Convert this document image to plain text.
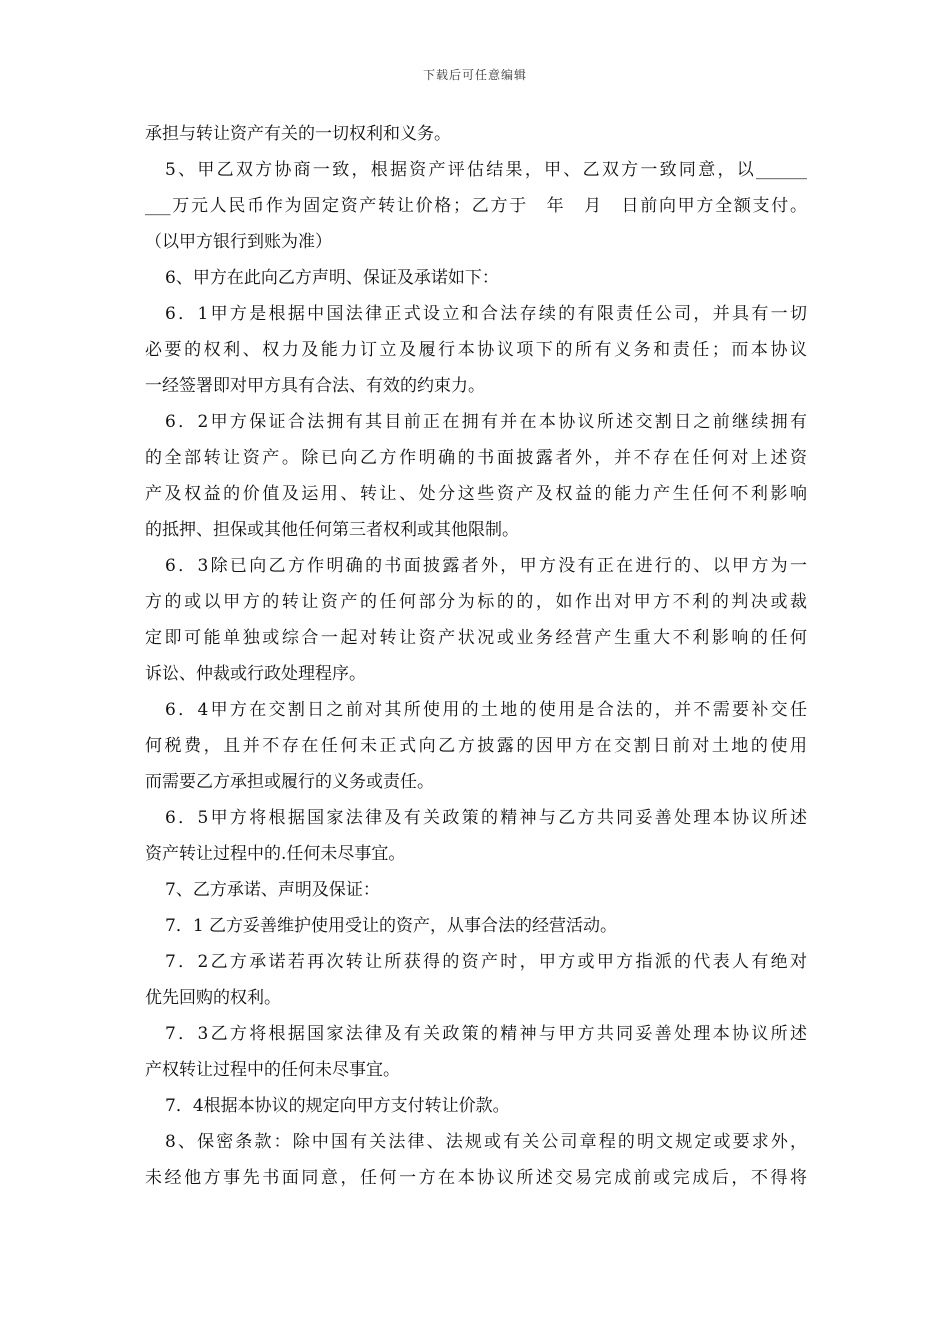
下载后可任意编辑
承担与转让资产有关的一切权利和义务。
5、甲乙双方协商一致，根据资产评估结果，甲、乙双方一致同意，以______
___万元人民币作为固定资产转让价格；乙方于　年　月　日前向甲方全额支付。
（以甲方银行到账为准）
6、甲方在此向乙方声明、保证及承诺如下：
6．1甲方是根据中国法律正式设立和合法存续的有限责任公司，并具有一切
必要的权利、权力及能力订立及履行本协议项下的所有义务和责任；而本协议
一经签署即对甲方具有合法、有效的约束力。
6．2甲方保证合法拥有其目前正在拥有并在本协议所述交割日之前继续拥有
的全部转让资产。除已向乙方作明确的书面披露者外，并不存在任何对上述资
产及权益的价值及运用、转让、处分这些资产及权益的能力产生任何不利影响
的抵押、担保或其他任何第三者权利或其他限制。
6．3除已向乙方作明确的书面披露者外，甲方没有正在进行的、以甲方为一
方的或以甲方的转让资产的任何部分为标的的，如作出对甲方不利的判决或裁
定即可能单独或综合一起对转让资产状况或业务经营产生重大不利影响的任何
诉讼、仲裁或行政处理程序。
6．4甲方在交割日之前对其所使用的土地的使用是合法的，并不需要补交任
何税费，且并不存在任何未正式向乙方披露的因甲方在交割日前对土地的使用
而需要乙方承担或履行的义务或责任。
6．5甲方将根据国家法律及有关政策的精神与乙方共同妥善处理本协议所述
资产转让过程中的.任何未尽事宜。
7、乙方承诺、声明及保证：
7．1 乙方妥善维护使用受让的资产，从事合法的经营活动。
7．2乙方承诺若再次转让所获得的资产时，甲方或甲方指派的代表人有绝对
优先回购的权利。
7．3乙方将根据国家法律及有关政策的精神与甲方共同妥善处理本协议所述
产权转让过程中的任何未尽事宜。
7．4根据本协议的规定向甲方支付转让价款。
8、保密条款：除中国有关法律、法规或有关公司章程的明文规定或要求外，
未经他方事先书面同意，任何一方在本协议所述交易完成前或完成后，不得将
